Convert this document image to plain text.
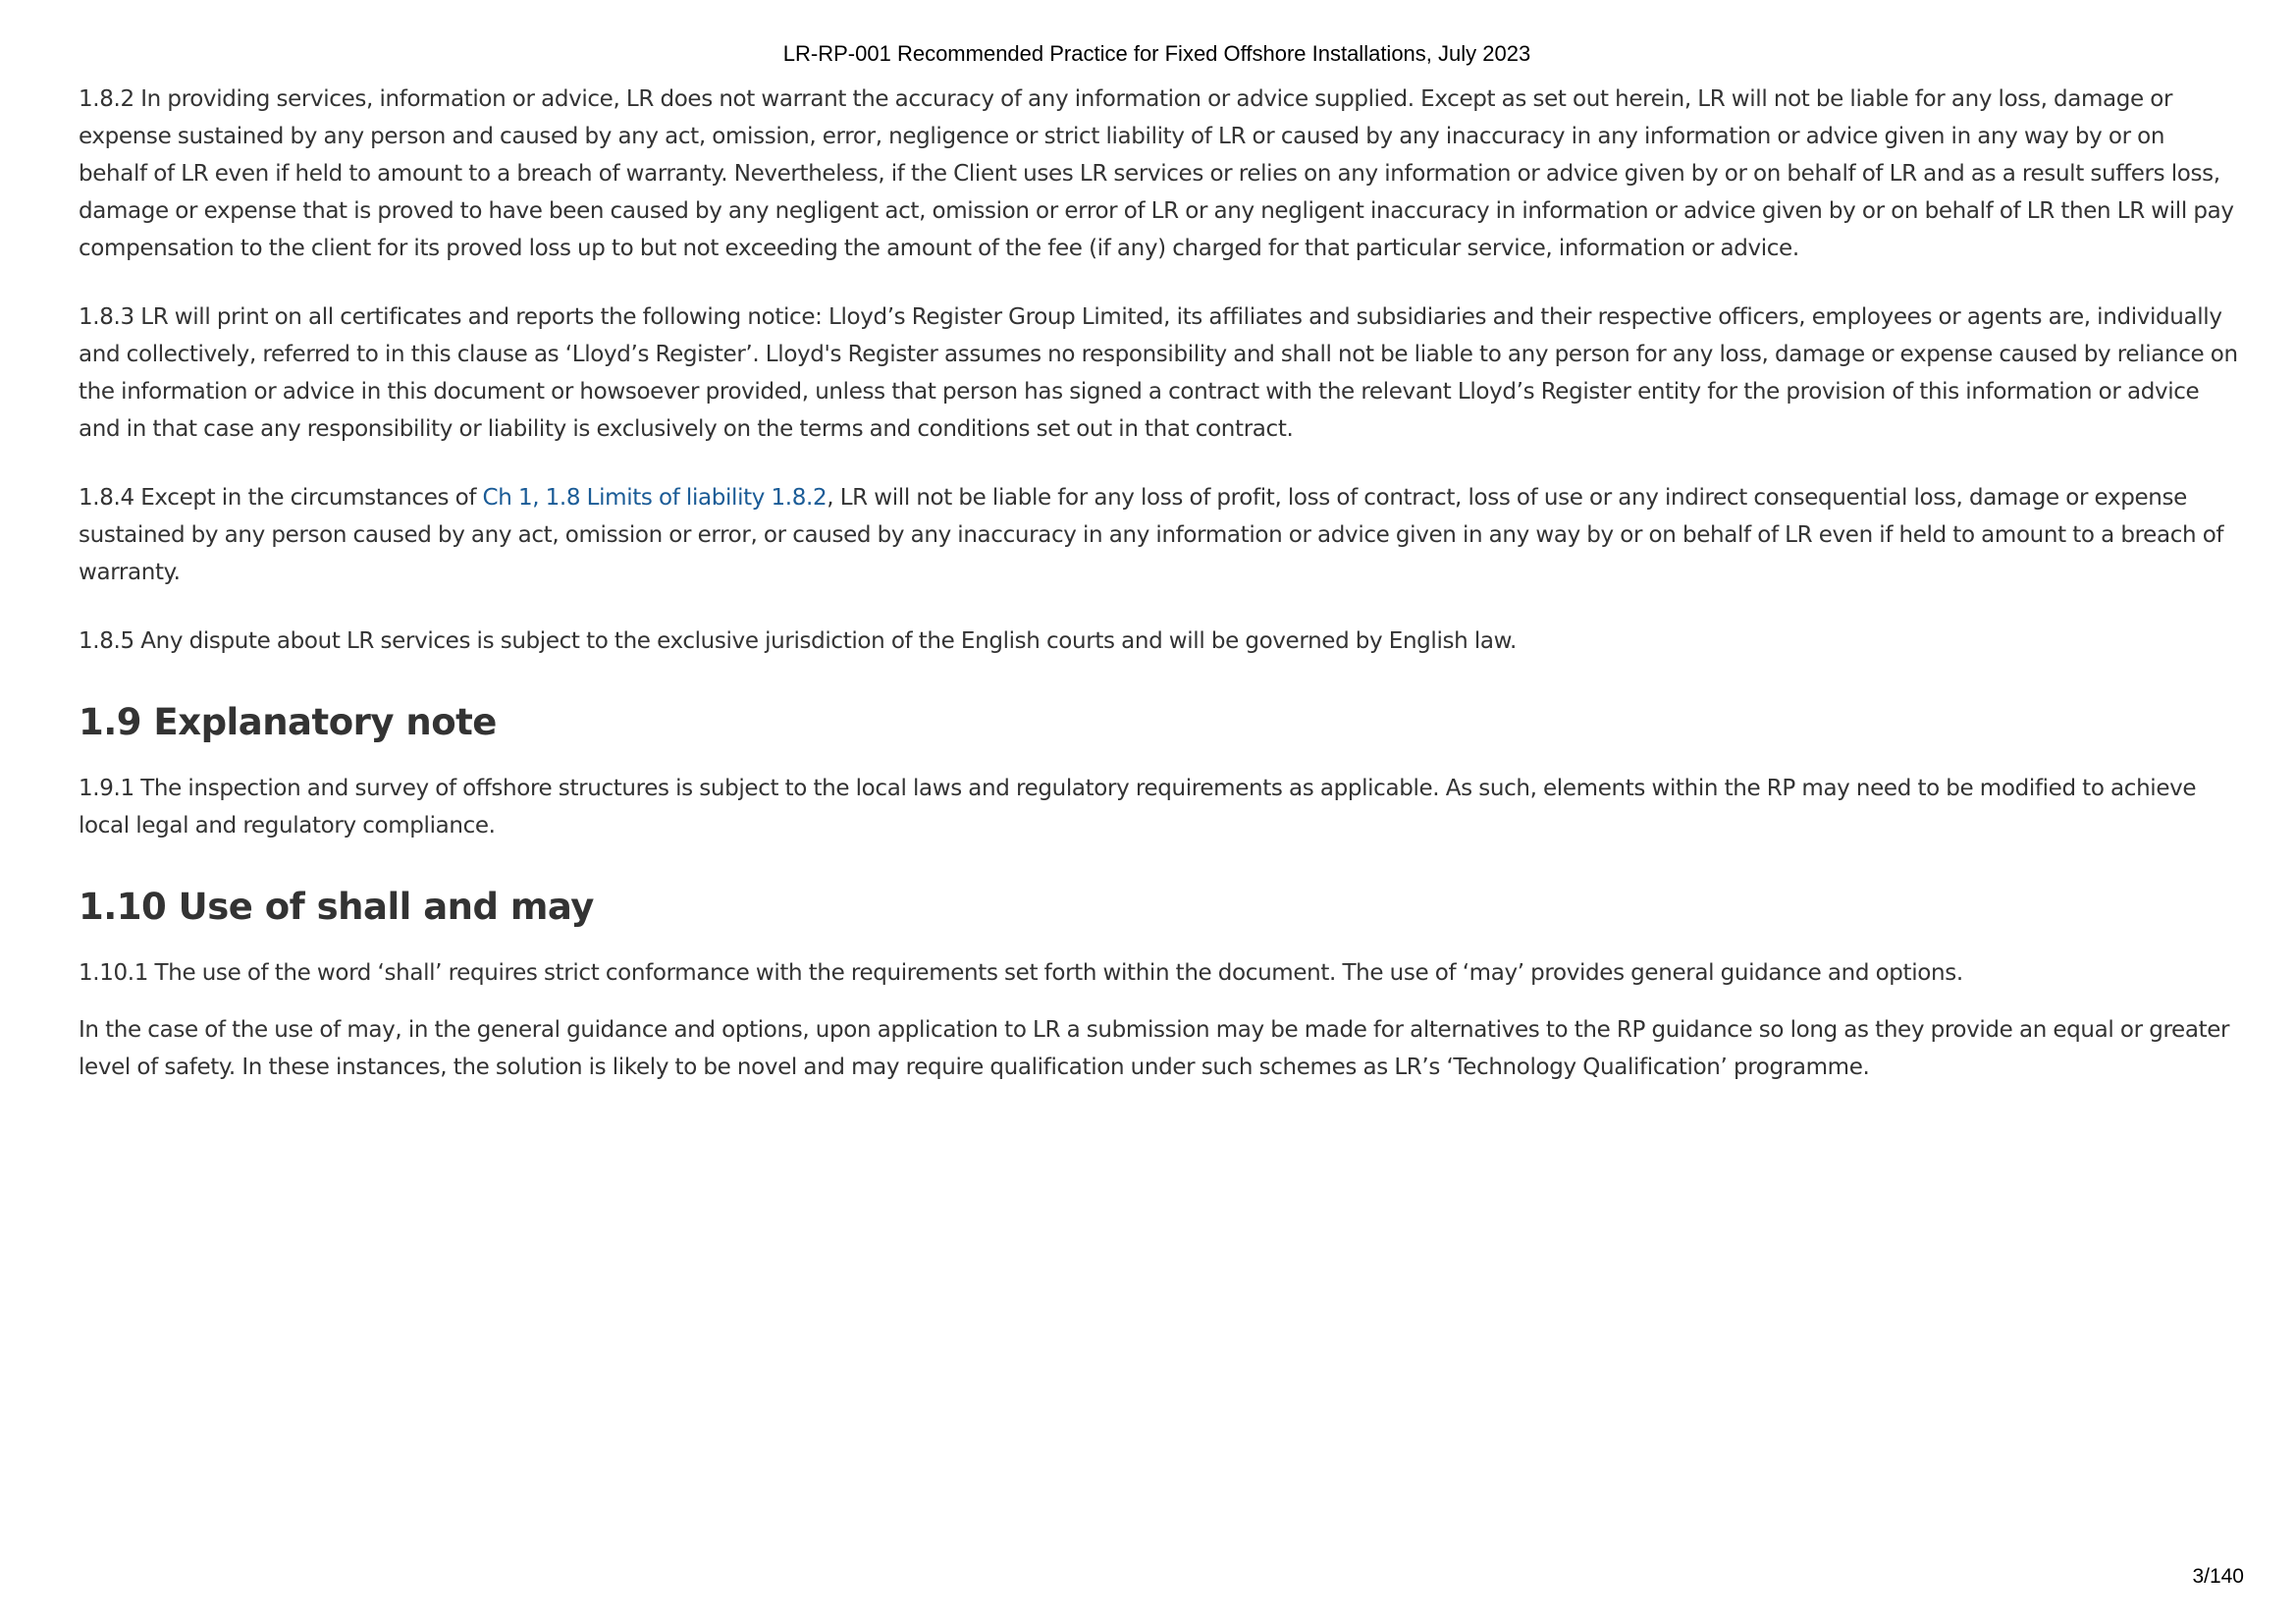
LR-RP-001 Recommended Practice for Fixed Offshore Installations, July 2023

1.8.2 In providing services, information or advice, LR does not warrant the accuracy of any information or advice supplied. Except as set out herein, LR will not be liable for any loss, damage or expense sustained by any person and caused by any act, omission, error, negligence or strict liability of LR or caused by any inaccuracy in any information or advice given in any way by or on behalf of LR even if held to amount to a breach of warranty. Nevertheless, if the Client uses LR services or relies on any information or advice given by or on behalf of LR and as a result suffers loss, damage or expense that is proved to have been caused by any negligent act, omission or error of LR or any negligent inaccuracy in information or advice given by or on behalf of LR then LR will pay compensation to the client for its proved loss up to but not exceeding the amount of the fee (if any) charged for that particular service, information or advice.

1.8.3 LR will print on all certificates and reports the following notice: Lloyd’s Register Group Limited, its affiliates and subsidiaries and their respective officers, employees or agents are, individually and collectively, referred to in this clause as ‘Lloyd’s Register’. Lloyd's Register assumes no responsibility and shall not be liable to any person for any loss, damage or expense caused by reliance on the information or advice in this document or howsoever provided, unless that person has signed a contract with the relevant Lloyd’s Register entity for the provision of this information or advice and in that case any responsibility or liability is exclusively on the terms and conditions set out in that contract.

1.8.4 Except in the circumstances of Ch 1, 1.8 Limits of liability 1.8.2, LR will not be liable for any loss of profit, loss of contract, loss of use or any indirect consequential loss, damage or expense sustained by any person caused by any act, omission or error, or caused by any inaccuracy in any information or advice given in any way by or on behalf of LR even if held to amount to a breach of warranty.

1.8.5 Any dispute about LR services is subject to the exclusive jurisdiction of the English courts and will be governed by English law.

1.9 Explanatory note

1.9.1 The inspection and survey of offshore structures is subject to the local laws and regulatory requirements as applicable. As such, elements within the RP may need to be modified to achieve local legal and regulatory compliance.

1.10 Use of shall and may

1.10.1 The use of the word ‘shall’ requires strict conformance with the requirements set forth within the document. The use of ‘may’ provides general guidance and options.

In the case of the use of may, in the general guidance and options, upon application to LR a submission may be made for alternatives to the RP guidance so long as they provide an equal or greater level of safety. In these instances, the solution is likely to be novel and may require qualification under such schemes as LR’s ‘Technology Qualification’ programme.

3/140
